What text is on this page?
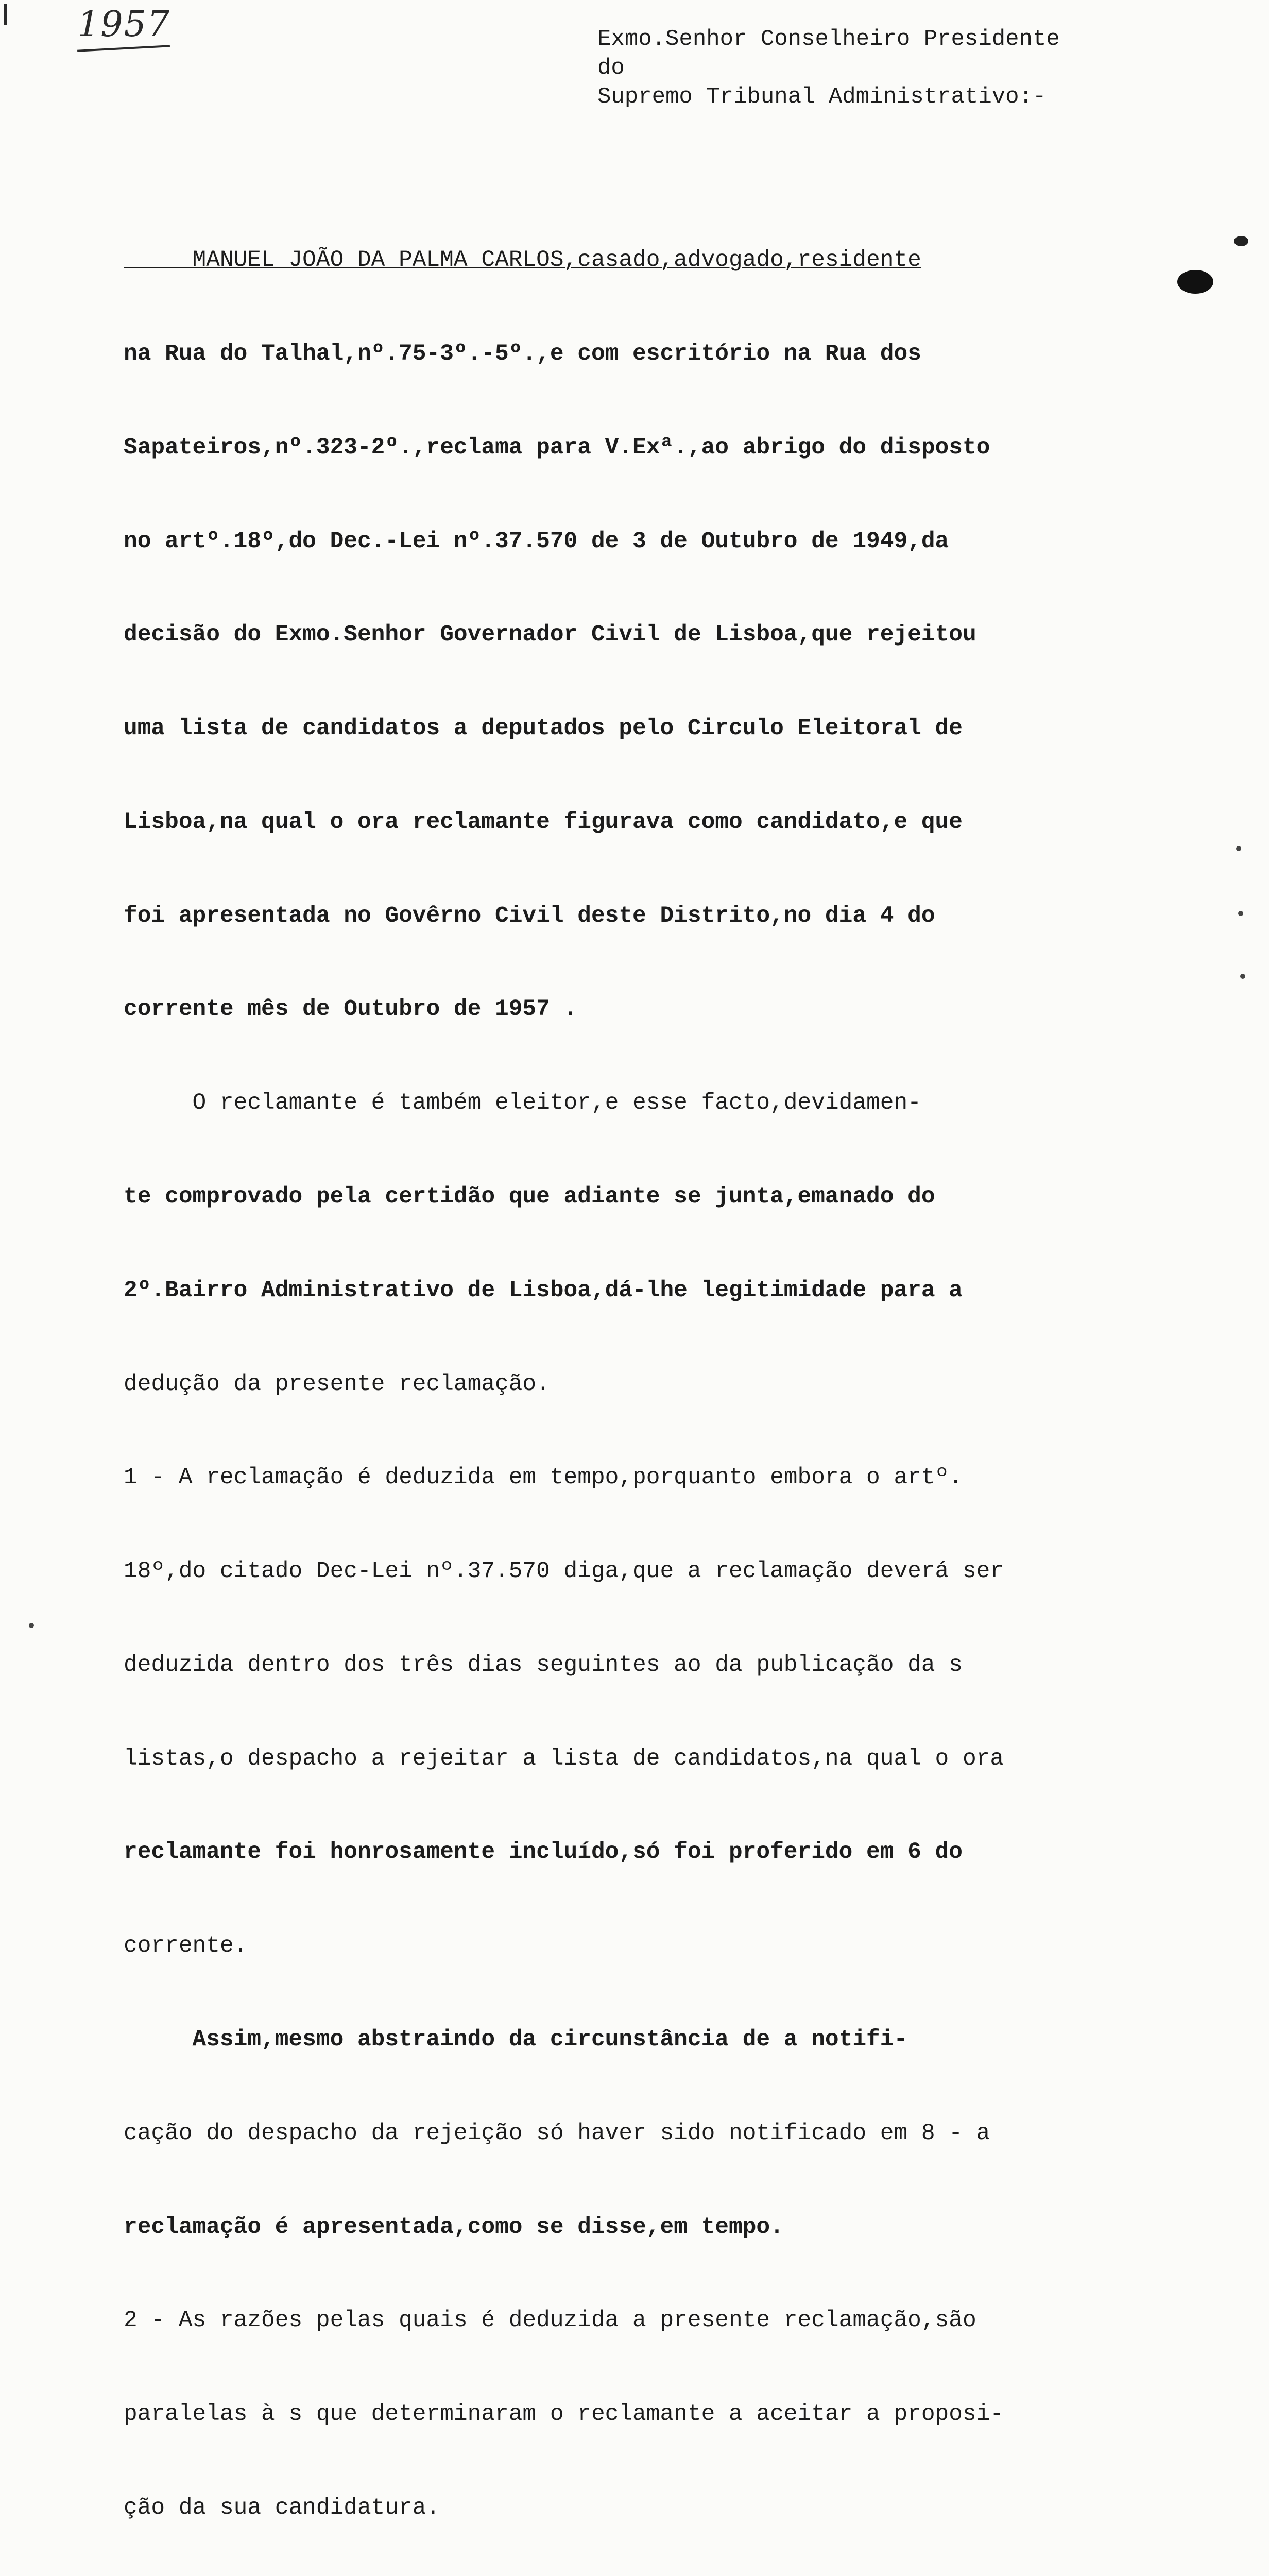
1957	Exmo.Senhor Conselheiro Presidente
do
Supremo Tribunal Administrativo:-

MANUEL JOÃO DA PALMA CARLOS,casado,advogado,residente

na Rua do Talhal,nº.75-3º.-5º.,e com escritório na Rua dos

Sapateiros,nº.323-2º.,reclama para V.Exª.,ao abrigo do disposto

no artº.18º,do Dec.-Lei nº.37.570 de 3 de Outubro de 1949,da

decisão do Exmo.Senhor Governador Civil de Lisboa,que rejeitou

uma lista de candidatos a deputados pelo Circulo Eleitoral de

Lisboa,na qual o ora reclamante figurava como candidato,e que

foi apresentada no Govêrno Civil deste Distrito,no dia 4 do

corrente mês de Outubro de 1957 .

O reclamante é também eleitor,e esse facto,devidamen-

te comprovado pela certidão que adiante se junta,emanado do

2º.Bairro Administrativo de Lisboa,dá-lhe legitimidade para a

dedução da presente reclamação.

1 - A reclamação é deduzida em tempo,porquanto embora o artº.

18º,do citado Dec-Lei nº.37.570 diga,que a reclamação deverá ser

deduzida dentro dos três dias seguintes ao da publicação da s

listas,o despacho a rejeitar a lista de candidatos,na qual o ora

reclamante foi honrosamente incluído,só foi proferido em 6 do

corrente.

Assim,mesmo abstraindo da circunstância de a notifi-

cação do despacho da rejeição só haver sido notificado em 8 - a

reclamação é apresentada,como se disse,em tempo.

2 - As razões pelas quais é deduzida a presente reclamação,são

paralelas à s que determinaram o reclamante a aceitar a proposi-

ção da sua candidatura.
